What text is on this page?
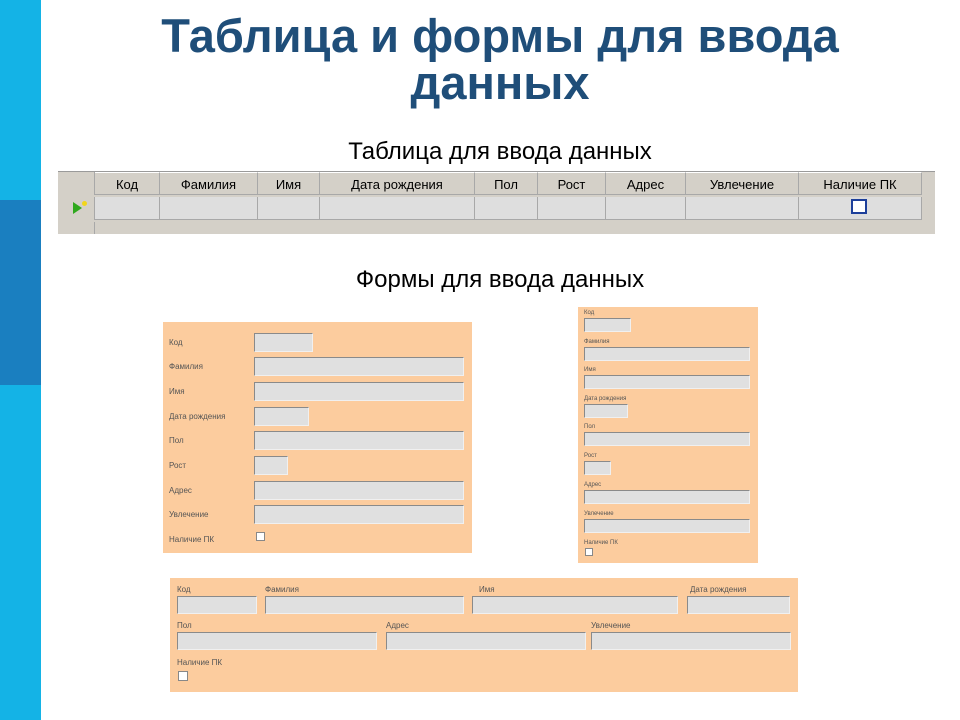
Таблица и формы для ввода
данных
Таблица для ввода данных
Код	Фамилия	Имя	Дата рождения	Пол	Рост	Адрес	Увлечение	Наличие ПК
Формы для ввода данных
Код
Фамилия
Имя
Дата рождения
Пол
Рост
Адрес
Увлечение
Наличие ПК
Код
Фамилия
Имя
Дата рождения
Пол
Рост
Адрес
Увлечение
Наличие ПК
Код	Фамилия	Имя	Дата рождения
Пол	Адрес	Увлечение
Наличие ПК
